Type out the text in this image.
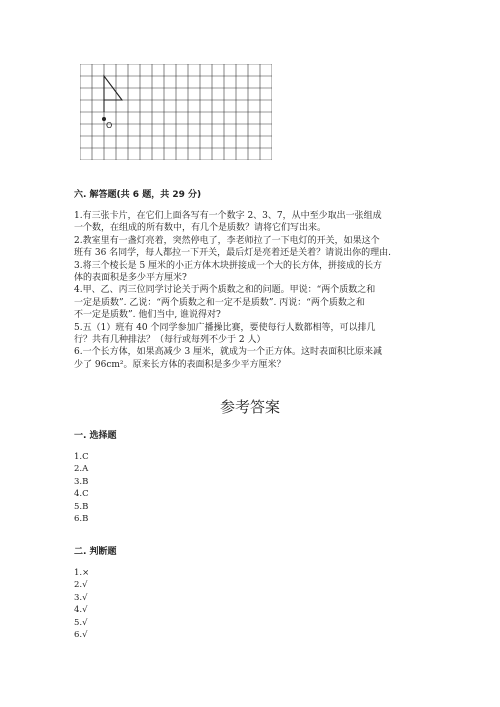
O
六. 解答题(共 6 题，共 29 分)
1.有三张卡片，在它们上面各写有一个数字 2、3、7，从中至少取出一张组成
一个数，在组成的所有数中，有几个是质数？请将它们写出来。
2.教室里有一盏灯亮着，突然停电了，李老师拉了一下电灯的开关，如果这个
班有 36 名同学，每人都拉一下开关，最后灯是亮着还是关着？请说出你的理由.
3.将三个棱长是 5 厘米的小正方体木块拼接成一个大的长方体，拼接成的长方
体的表面积是多少平方厘米?
4.甲、乙、丙三位同学讨论关于两个质数之和的问题。甲说：“两个质数之和
一定是质数”. 乙说：“两个质数之和一定不是质数”. 丙说：“两个质数之和
不一定是质数”. 他们当中, 谁说得对?
5.五（1）班有 40 个同学参加广播操比赛，要使每行人数都相等，可以排几
行？共有几种排法？（每行或每列不少于 2 人）
6.一个长方体，如果高减少 3 厘米，就成为一个正方体。这时表面积比原来减
少了 96cm²。原来长方体的表面积是多少平方厘米？
参考答案
一. 选择题
1.C
2.A
3.B
4.C
5.B
6.B
二. 判断题
1.×
2.√
3.√
4.√
5.√
6.√
